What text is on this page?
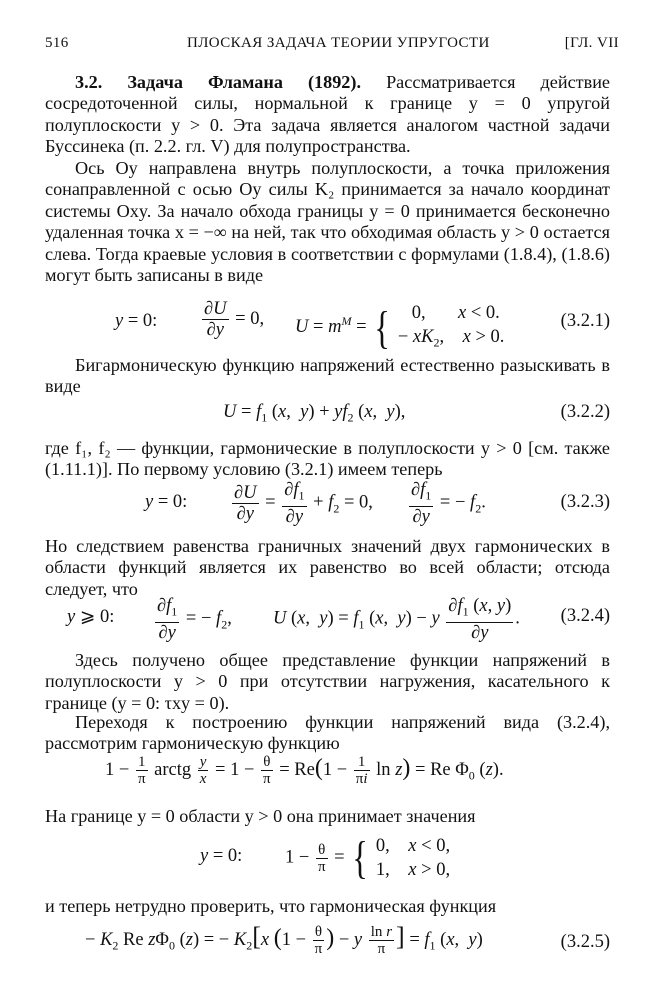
516	ПЛОСКАЯ ЗАДАЧА ТЕОРИИ УПРУГОСТИ	[ГЛ. VII
3.2. Задача Фламана (1892). Рассматривается действие сосредоточенной силы, нормальной к границе y = 0 упругой полуплоскости y > 0. Эта задача является аналогом частной задачи Буссинека (п. 2.2. гл. V) для полупространства.
Ось Oy направлена внутрь полуплоскости, а точка приложения сонаправленной с осью Oy силы K₂ принимается за начало координат системы Oxy. За начало обхода границы y = 0 принимается бесконечно удаленная точка x = −∞ на ней, так что обходимая область y > 0 остается слева. Тогда краевые условия в соответствии с формулами (1.8.4), (1.8.6) могут быть записаны в виде
y = 0: $\frac{\partial U}{\partial y} = 0$, $U = m^M$ = {    0,       x < 0.
− $xK_2$,    x > 0.
(3.2.1)
Бигармоническую функцию напряжений естественно разыскивать в виде
$U = f_1$ (x,  $y) + yf_2$ (x,  y),	(3.2.2)
где f₁, f₂ — функции, гармонические в полуплоскости y > 0 [см. также (1.11.1)]. По первому условию (3.2.1) имеем теперь
y = 0: $\frac{\partial U}{\partial y} = \frac{\partial f_1}{\partial y} + f_2 = 0$, $\frac{\partial f_1}{\partial y}$ = − $f_2$.	(3.2.3)
Но следствием равенства граничных значений двух гармонических в области функций является их равенство во всей области; отсюда следует, что
y ⩾ 0: $\frac{\partial f_1}{\partial y}$ = − $f_2$, U (x,  $y) = f_1$ (x,  y) − y $\frac{\partial f_1 (x, y)}{\partial y}$ . (3.2.4)
Здесь получено общее представление функции напряжений в полуплоскости y > 0 при отсутствии нагружения, касательного к границе (y = 0: τxy = 0).
Переходя к построению функции напряжений вида (3.2.4), рассмотрим гармоническую функцию
$1 - \frac{1}{\pi}$ arctg $\frac{y}{x} = 1 - \frac{\theta}{\pi} = Re(1 - \frac{1}{\pi i}$ ln z) = Re $\Phi_0$ (z).
На границе y = 0 области y > 0 она принимает значения
y = 0: $1 - \frac{\theta}{\pi}$ = { 0,    x < 0,
1,    x > 0,
и теперь нетрудно проверить, что гармоническая функция
− $K_2$ Re $z\Phi_0$ (z) = − $K_2[x$ ($1 - \frac{\theta}{\pi}$ ) − y $\frac{\text{ln r}}{\pi}$ ] = $f_1$ (x,  y)	(3.2.5)
